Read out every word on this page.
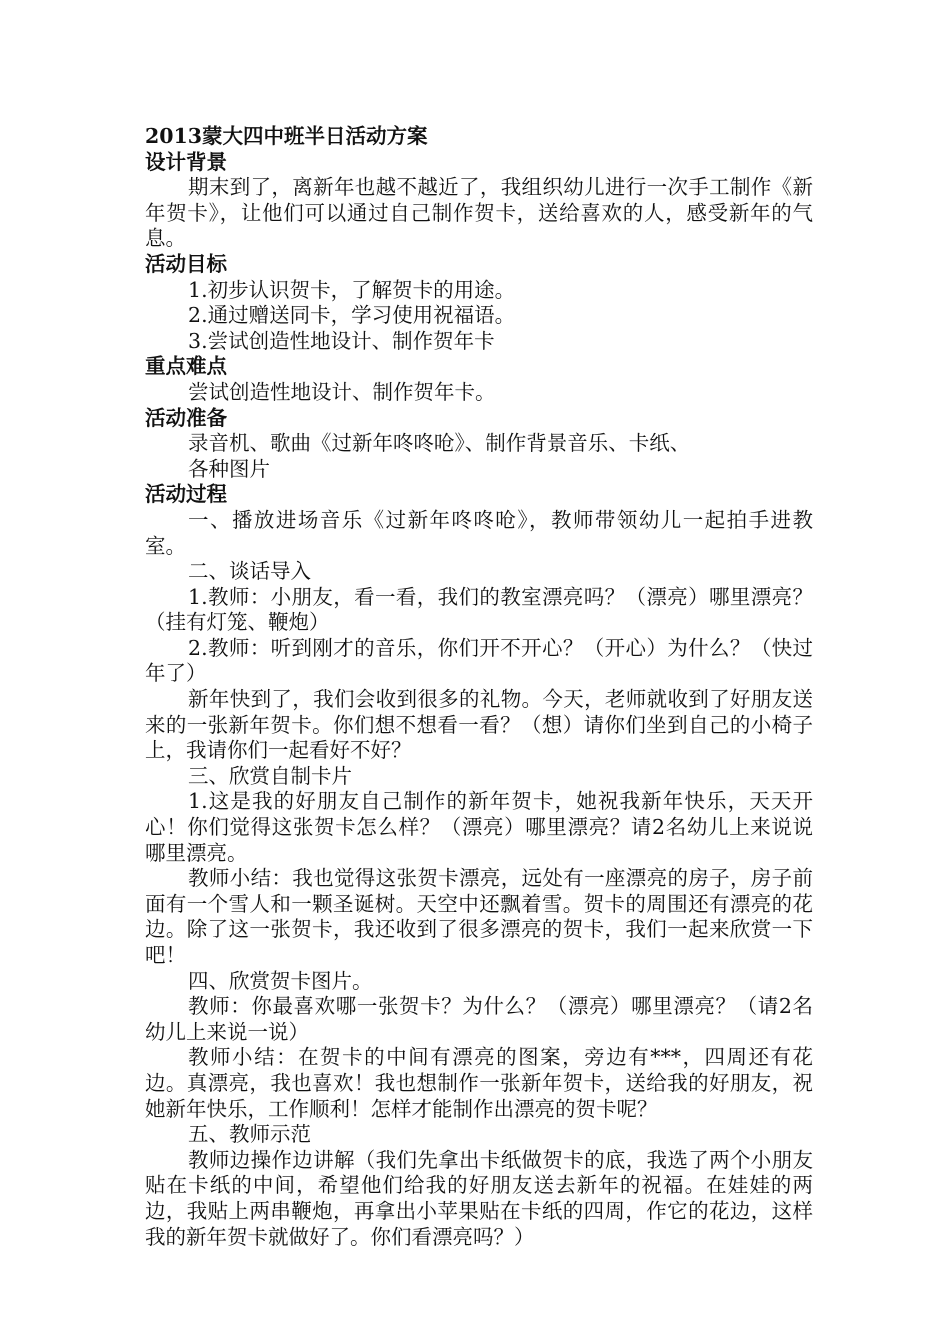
2013蒙大四中班半日活动方案
设计背景

期末到了，离新年也越不越近了，我组织幼儿进行一次手工制作《新年贺卡》，让他们可以通过自己制作贺卡，送给喜欢的人，感受新年的气息。

活动目标

1.初步认识贺卡，了解贺卡的用途。

2.通过赠送同卡，学习使用祝福语。

3.尝试创造性地设计、制作贺年卡

重点难点

尝试创造性地设计、制作贺年卡。

活动准备
录音机、歌曲《过新年咚咚呛》、制作背景音乐、卡纸、
各种图片
活动过程

一、播放进场音乐《过新年咚咚呛》，教师带领幼儿一起拍手进教室。

二、谈话导入

1.教师：小朋友，看一看，我们的教室漂亮吗？（漂亮）哪里漂亮？（挂有灯笼、鞭炮）

2.教师：听到刚才的音乐，你们开不开心？（开心）为什么？（快过年了）

新年快到了，我们会收到很多的礼物。今天，老师就收到了好朋友送来的一张新年贺卡。你们想不想看一看？（想）请你们坐到自己的小椅子上，我请你们一起看好不好？

三、欣赏自制卡片

1.这是我的好朋友自己制作的新年贺卡，她祝我新年快乐，天天开心！你们觉得这张贺卡怎么样？（漂亮）哪里漂亮？请2名幼儿上来说说哪里漂亮。

教师小结：我也觉得这张贺卡漂亮，远处有一座漂亮的房子，房子前面有一个雪人和一颗圣诞树。天空中还飘着雪。贺卡的周围还有漂亮的花边。除了这一张贺卡，我还收到了很多漂亮的贺卡，我们一起来欣赏一下吧！

四、欣赏贺卡图片。

教师：你最喜欢哪一张贺卡？为什么？（漂亮）哪里漂亮？（请2名幼儿上来说一说）

教师小结：在贺卡的中间有漂亮的图案，旁边有***，四周还有花边。真漂亮，我也喜欢！我也想制作一张新年贺卡，送给我的好朋友，祝她新年快乐，工作顺利！怎样才能制作出漂亮的贺卡呢？

五、教师示范

教师边操作边讲解（我们先拿出卡纸做贺卡的底，我选了两个小朋友贴在卡纸的中间，希望他们给我的好朋友送去新年的祝福。在娃娃的两边，我贴上两串鞭炮，再拿出小苹果贴在卡纸的四周，作它的花边，这样我的新年贺卡就做好了。你们看漂亮吗？）
